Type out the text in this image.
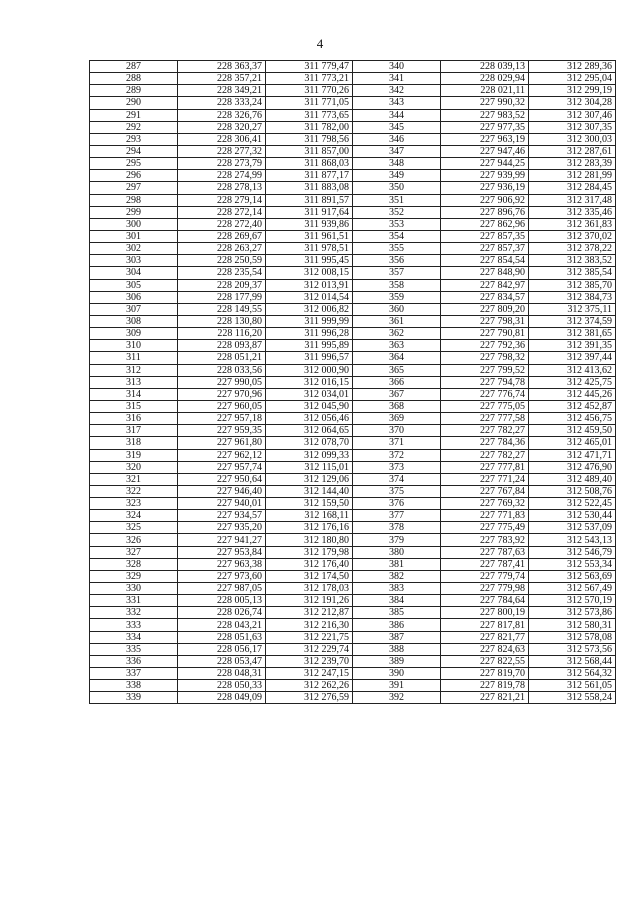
4
287	228 363,37	311 779,47	340	228 039,13	312 289,36
288	228 357,21	311 773,21	341	228 029,94	312 295,04
289	228 349,21	311 770,26	342	228 021,11	312 299,19
290	228 333,24	311 771,05	343	227 990,32	312 304,28
291	228 326,76	311 773,65	344	227 983,52	312 307,46
292	228 320,27	311 782,00	345	227 977,35	312 307,35
293	228 306,41	311 798,56	346	227 963,19	312 300,03
294	228 277,32	311 857,00	347	227 947,46	312 287,61
295	228 273,79	311 868,03	348	227 944,25	312 283,39
296	228 274,99	311 877,17	349	227 939,99	312 281,99
297	228 278,13	311 883,08	350	227 936,19	312 284,45
298	228 279,14	311 891,57	351	227 906,92	312 317,48
299	228 272,14	311 917,64	352	227 896,76	312 335,46
300	228 272,40	311 939,86	353	227 862,96	312 361,83
301	228 269,67	311 961,51	354	227 857,35	312 370,02
302	228 263,27	311 978,51	355	227 857,37	312 378,22
303	228 250,59	311 995,45	356	227 854,54	312 383,52
304	228 235,54	312 008,15	357	227 848,90	312 385,54
305	228 209,37	312 013,91	358	227 842,97	312 385,70
306	228 177,99	312 014,54	359	227 834,57	312 384,73
307	228 149,55	312 006,82	360	227 809,20	312 375,11
308	228 130,80	311 999,99	361	227 798,31	312 374,59
309	228 116,20	311 996,28	362	227 790,81	312 381,65
310	228 093,87	311 995,89	363	227 792,36	312 391,35
311	228 051,21	311 996,57	364	227 798,32	312 397,44
312	228 033,56	312 000,90	365	227 799,52	312 413,62
313	227 990,05	312 016,15	366	227 794,78	312 425,75
314	227 970,96	312 034,01	367	227 776,74	312 445,26
315	227 960,05	312 045,90	368	227 775,05	312 452,87
316	227 957,18	312 056,46	369	227 777,58	312 456,75
317	227 959,35	312 064,65	370	227 782,27	312 459,50
318	227 961,80	312 078,70	371	227 784,36	312 465,01
319	227 962,12	312 099,33	372	227 782,27	312 471,71
320	227 957,74	312 115,01	373	227 777,81	312 476,90
321	227 950,64	312 129,06	374	227 771,24	312 489,40
322	227 946,40	312 144,40	375	227 767,84	312 508,76
323	227 940,01	312 159,50	376	227 769,32	312 522,45
324	227 934,57	312 168,11	377	227 771,83	312 530,44
325	227 935,20	312 176,16	378	227 775,49	312 537,09
326	227 941,27	312 180,80	379	227 783,92	312 543,13
327	227 953,84	312 179,98	380	227 787,63	312 546,79
328	227 963,38	312 176,40	381	227 787,41	312 553,34
329	227 973,60	312 174,50	382	227 779,74	312 563,69
330	227 987,05	312 178,03	383	227 779,98	312 567,49
331	228 005,13	312 191,26	384	227 784,64	312 570,19
332	228 026,74	312 212,87	385	227 800,19	312 573,86
333	228 043,21	312 216,30	386	227 817,81	312 580,31
334	228 051,63	312 221,75	387	227 821,77	312 578,08
335	228 056,17	312 229,74	388	227 824,63	312 573,56
336	228 053,47	312 239,70	389	227 822,55	312 568,44
337	228 048,31	312 247,15	390	227 819,70	312 564,32
338	228 050,33	312 262,26	391	227 819,78	312 561,05
339	228 049,09	312 276,59	392	227 821,21	312 558,24
